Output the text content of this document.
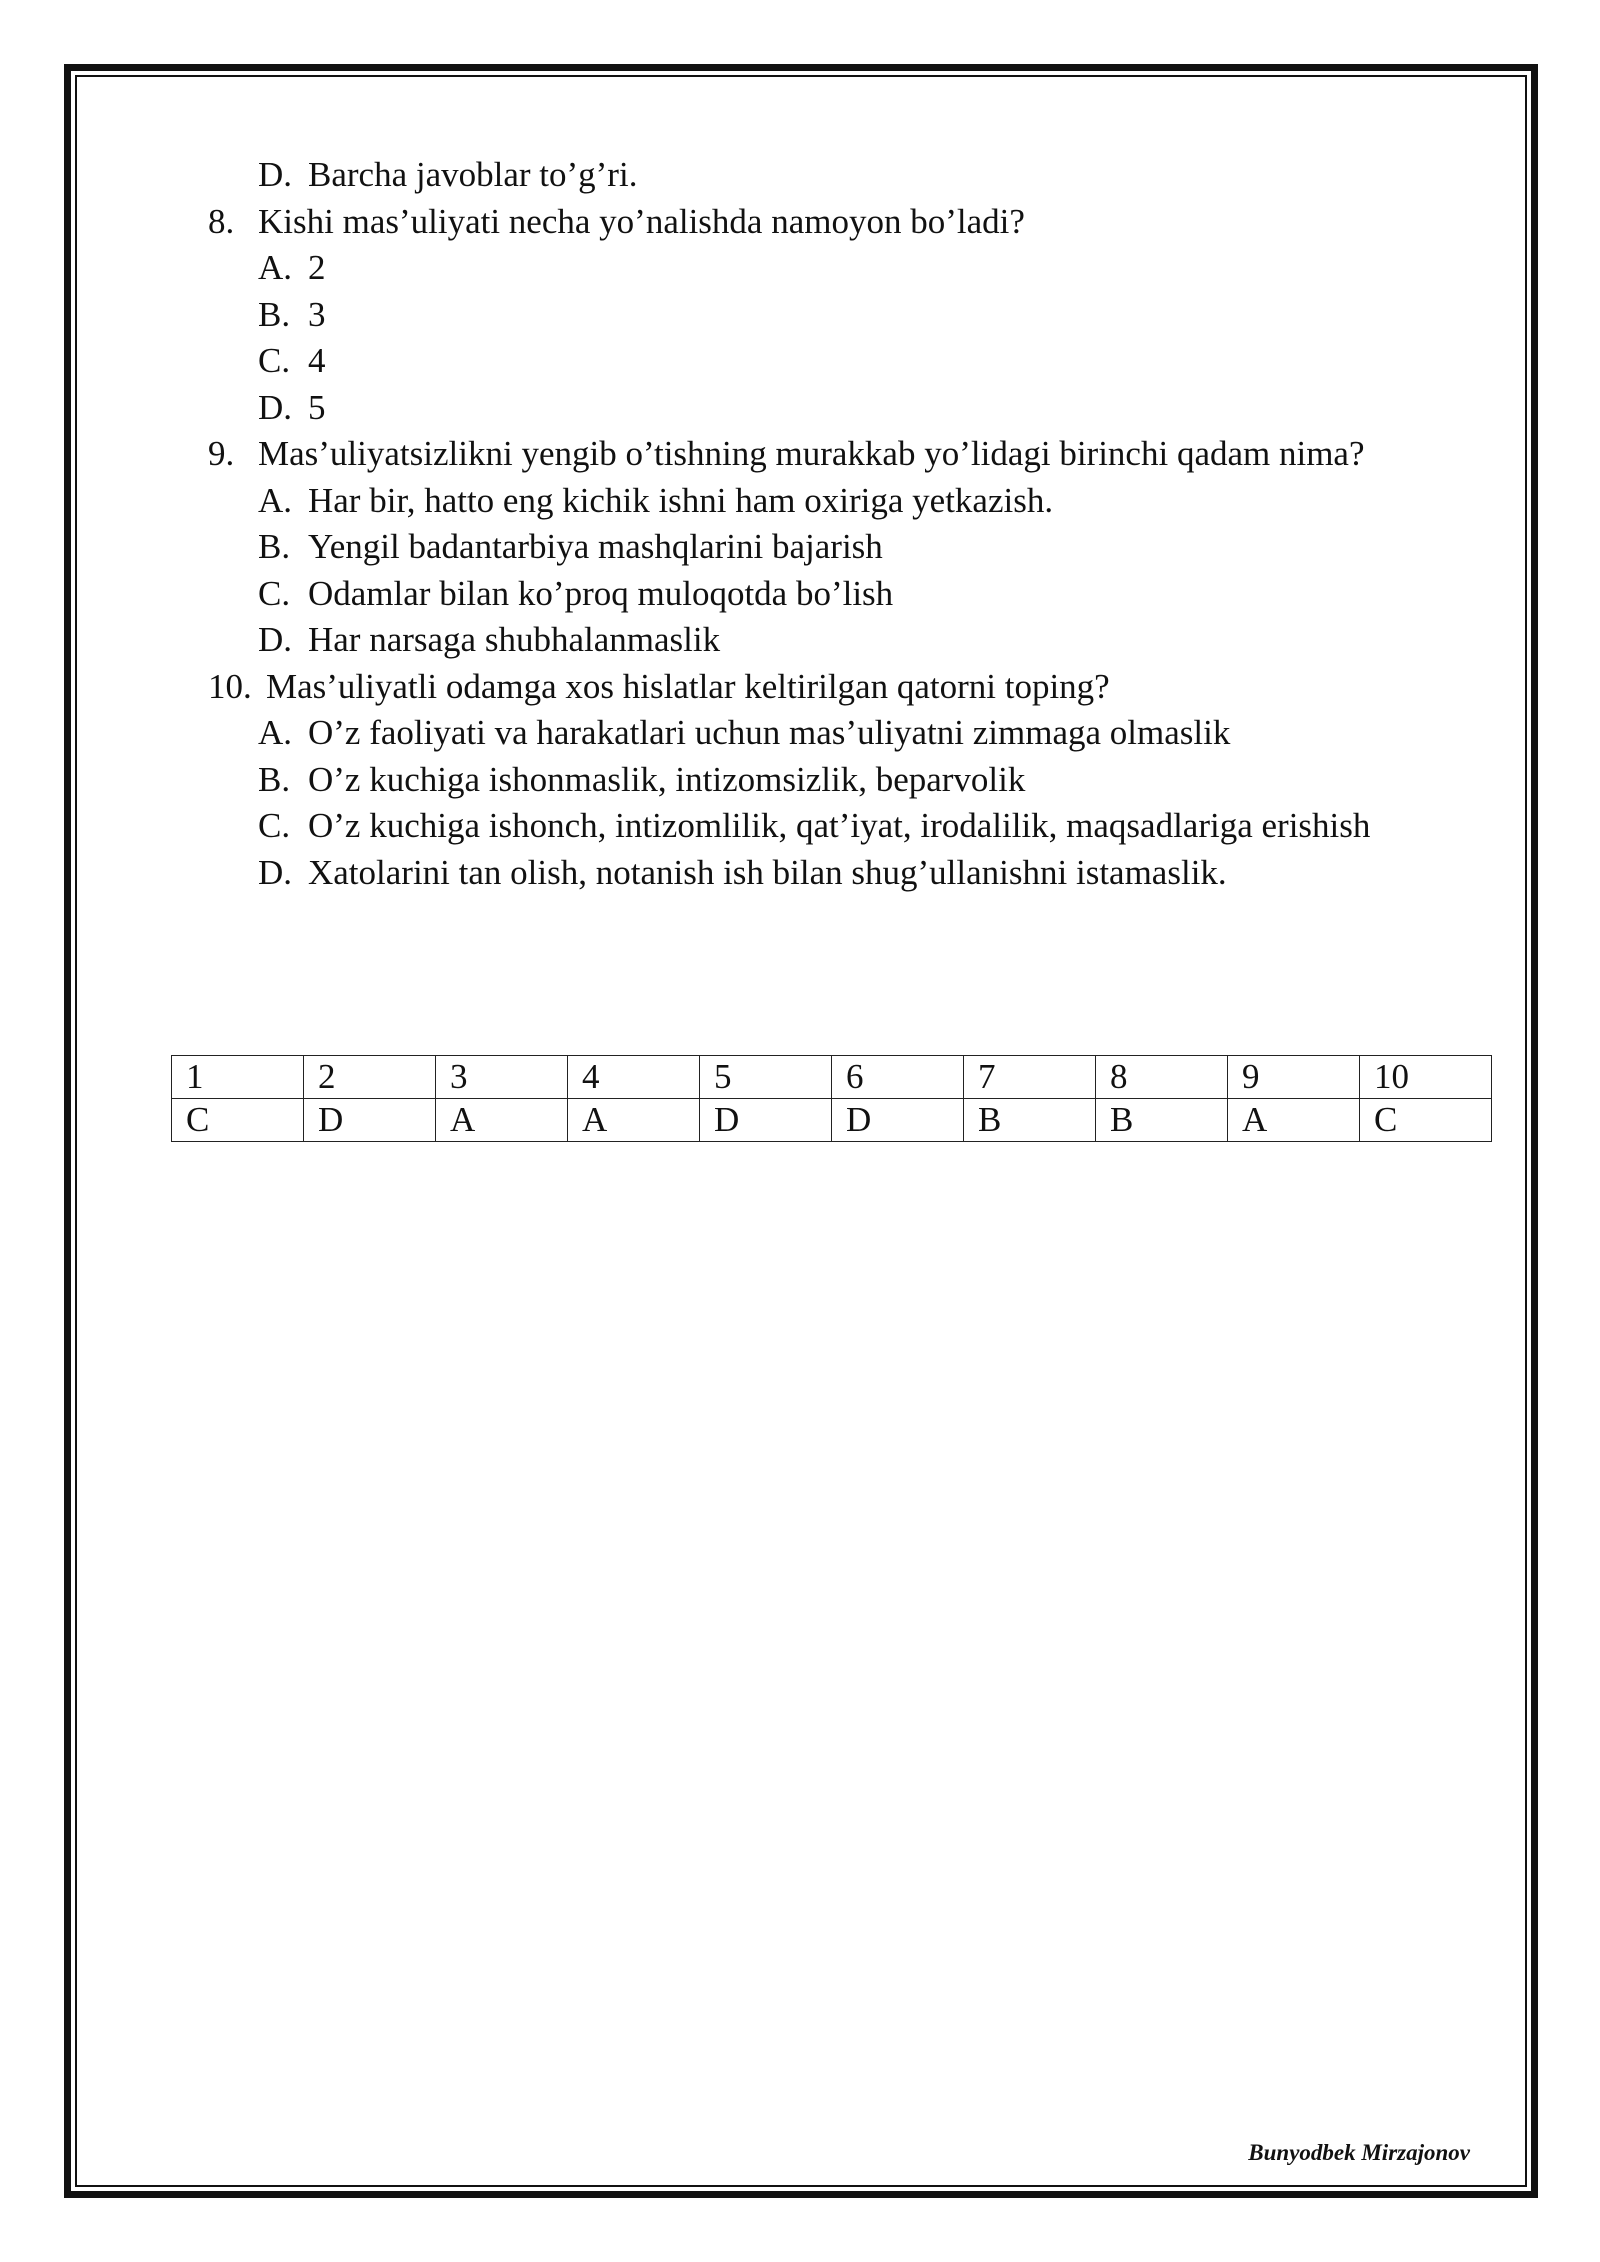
D. Barcha javoblar to’g’ri.
8. Kishi mas’uliyati necha yo’nalishda namoyon bo’ladi?
A. 2
B. 3
C. 4
D. 5
9. Mas’uliyatsizlikni yengib o’tishning murakkab yo’lidagi birinchi qadam nima?
A. Har bir, hatto eng kichik ishni ham oxiriga yetkazish.
B. Yengil badantarbiya mashqlarini bajarish
C. Odamlar bilan ko’proq muloqotda bo’lish
D. Har narsaga shubhalanmaslik
10. Mas’uliyatli odamga xos hislatlar keltirilgan qatorni toping?
A. O’z faoliyati va harakatlari uchun mas’uliyatni zimmaga olmaslik
B. O’z kuchiga ishonmaslik, intizomsizlik, beparvolik
C. O’z kuchiga ishonch, intizomlilik, qat’iyat, irodalilik, maqsadlariga erishish
D. Xatolarini tan olish, notanish ish bilan shug’ullanishni istamaslik.
1	2	3	4	5	6	7	8	9	10
C	D	A	A	D	D	B	B	A	C
Bunyodbek Mirzajonov
